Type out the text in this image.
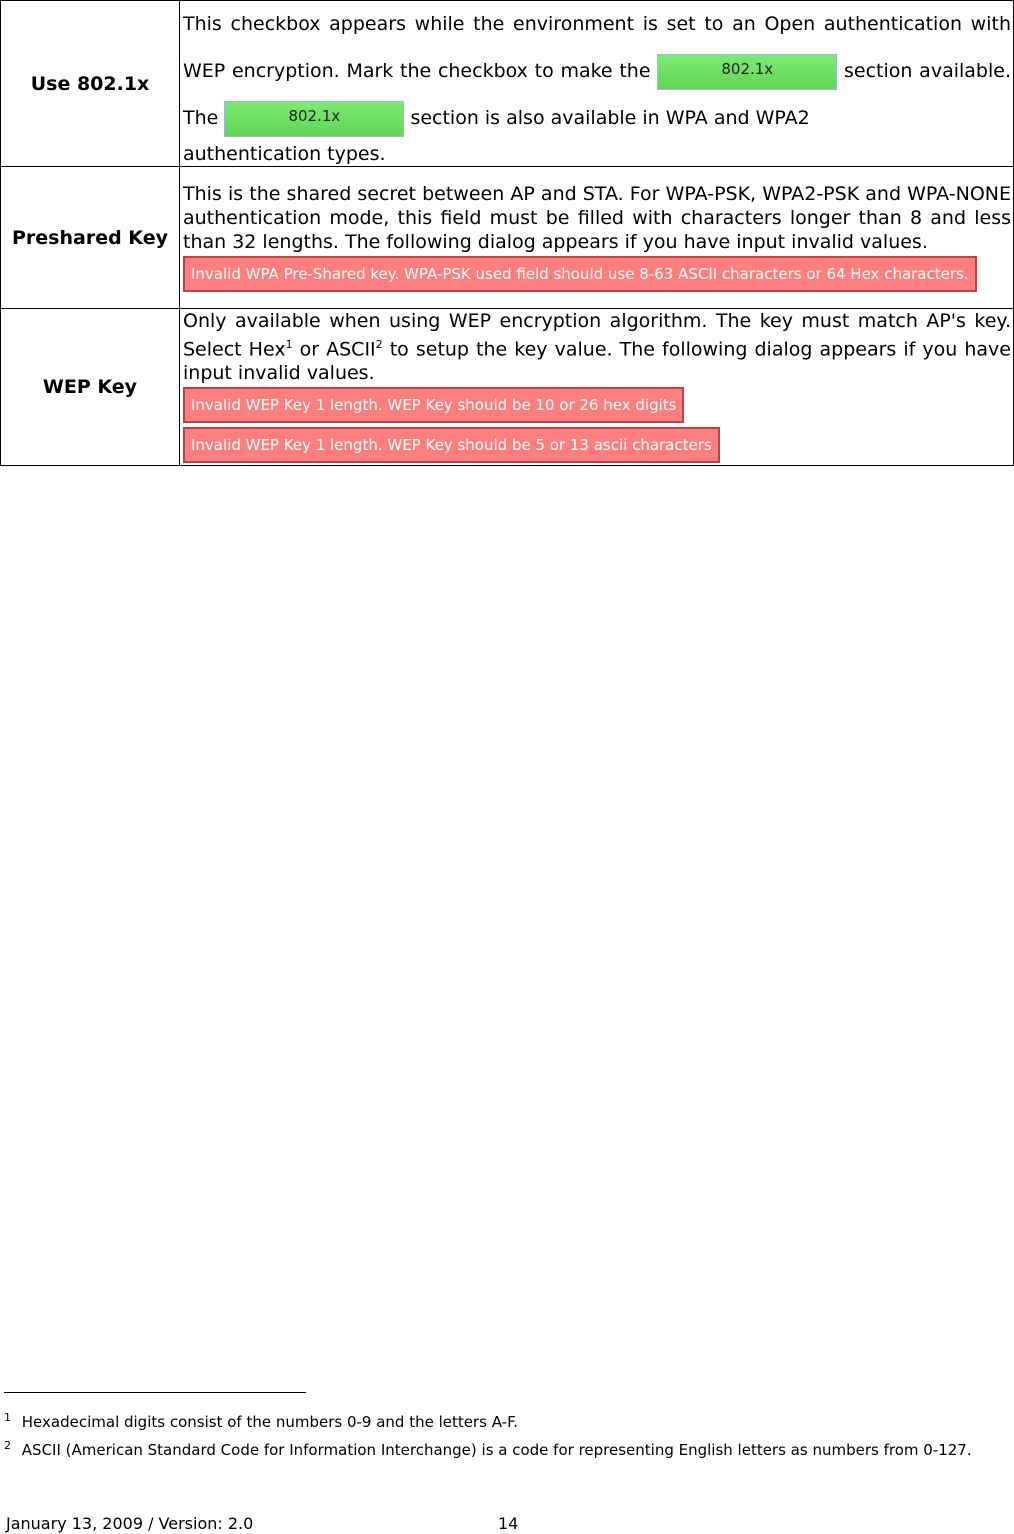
Use 802.1x	This checkbox appears while the environment is set to an Open authentication with WEP encryption. Mark the checkbox to make the 802.1x section available. The 802.1x section is also available in WPA and WPA2
authentication types.

Preshared Key	This is the shared secret between AP and STA. For WPA-PSK, WPA2-PSK and WPA-NONE authentication mode, this field must be filled with characters longer than 8 and less than 32 lengths. The following dialog appears if you have input invalid values.
Invalid WPA Pre-Shared key. WPA-PSK used field should use 8-63 ASCII characters or 64 Hex characters.
WEP Key	Only available when using WEP encryption algorithm. The key must match AP's key. Select Hex$^1$ or ASCII$^2$ to setup the key value. The following dialog appears if you have input invalid values.
Invalid WEP Key 1 length. WEP Key should be 10 or 26 hex digits
Invalid WEP Key 1 length. WEP Key should be 5 or 13 ascii characters
$^1$ Hexadecimal digits consist of the numbers 0-9 and the letters A-F.
$^2$ ASCII (American Standard Code for Information Interchange) is a code for representing English letters as numbers from 0-127.
January 13, 2009 / Version: 2.0	14
